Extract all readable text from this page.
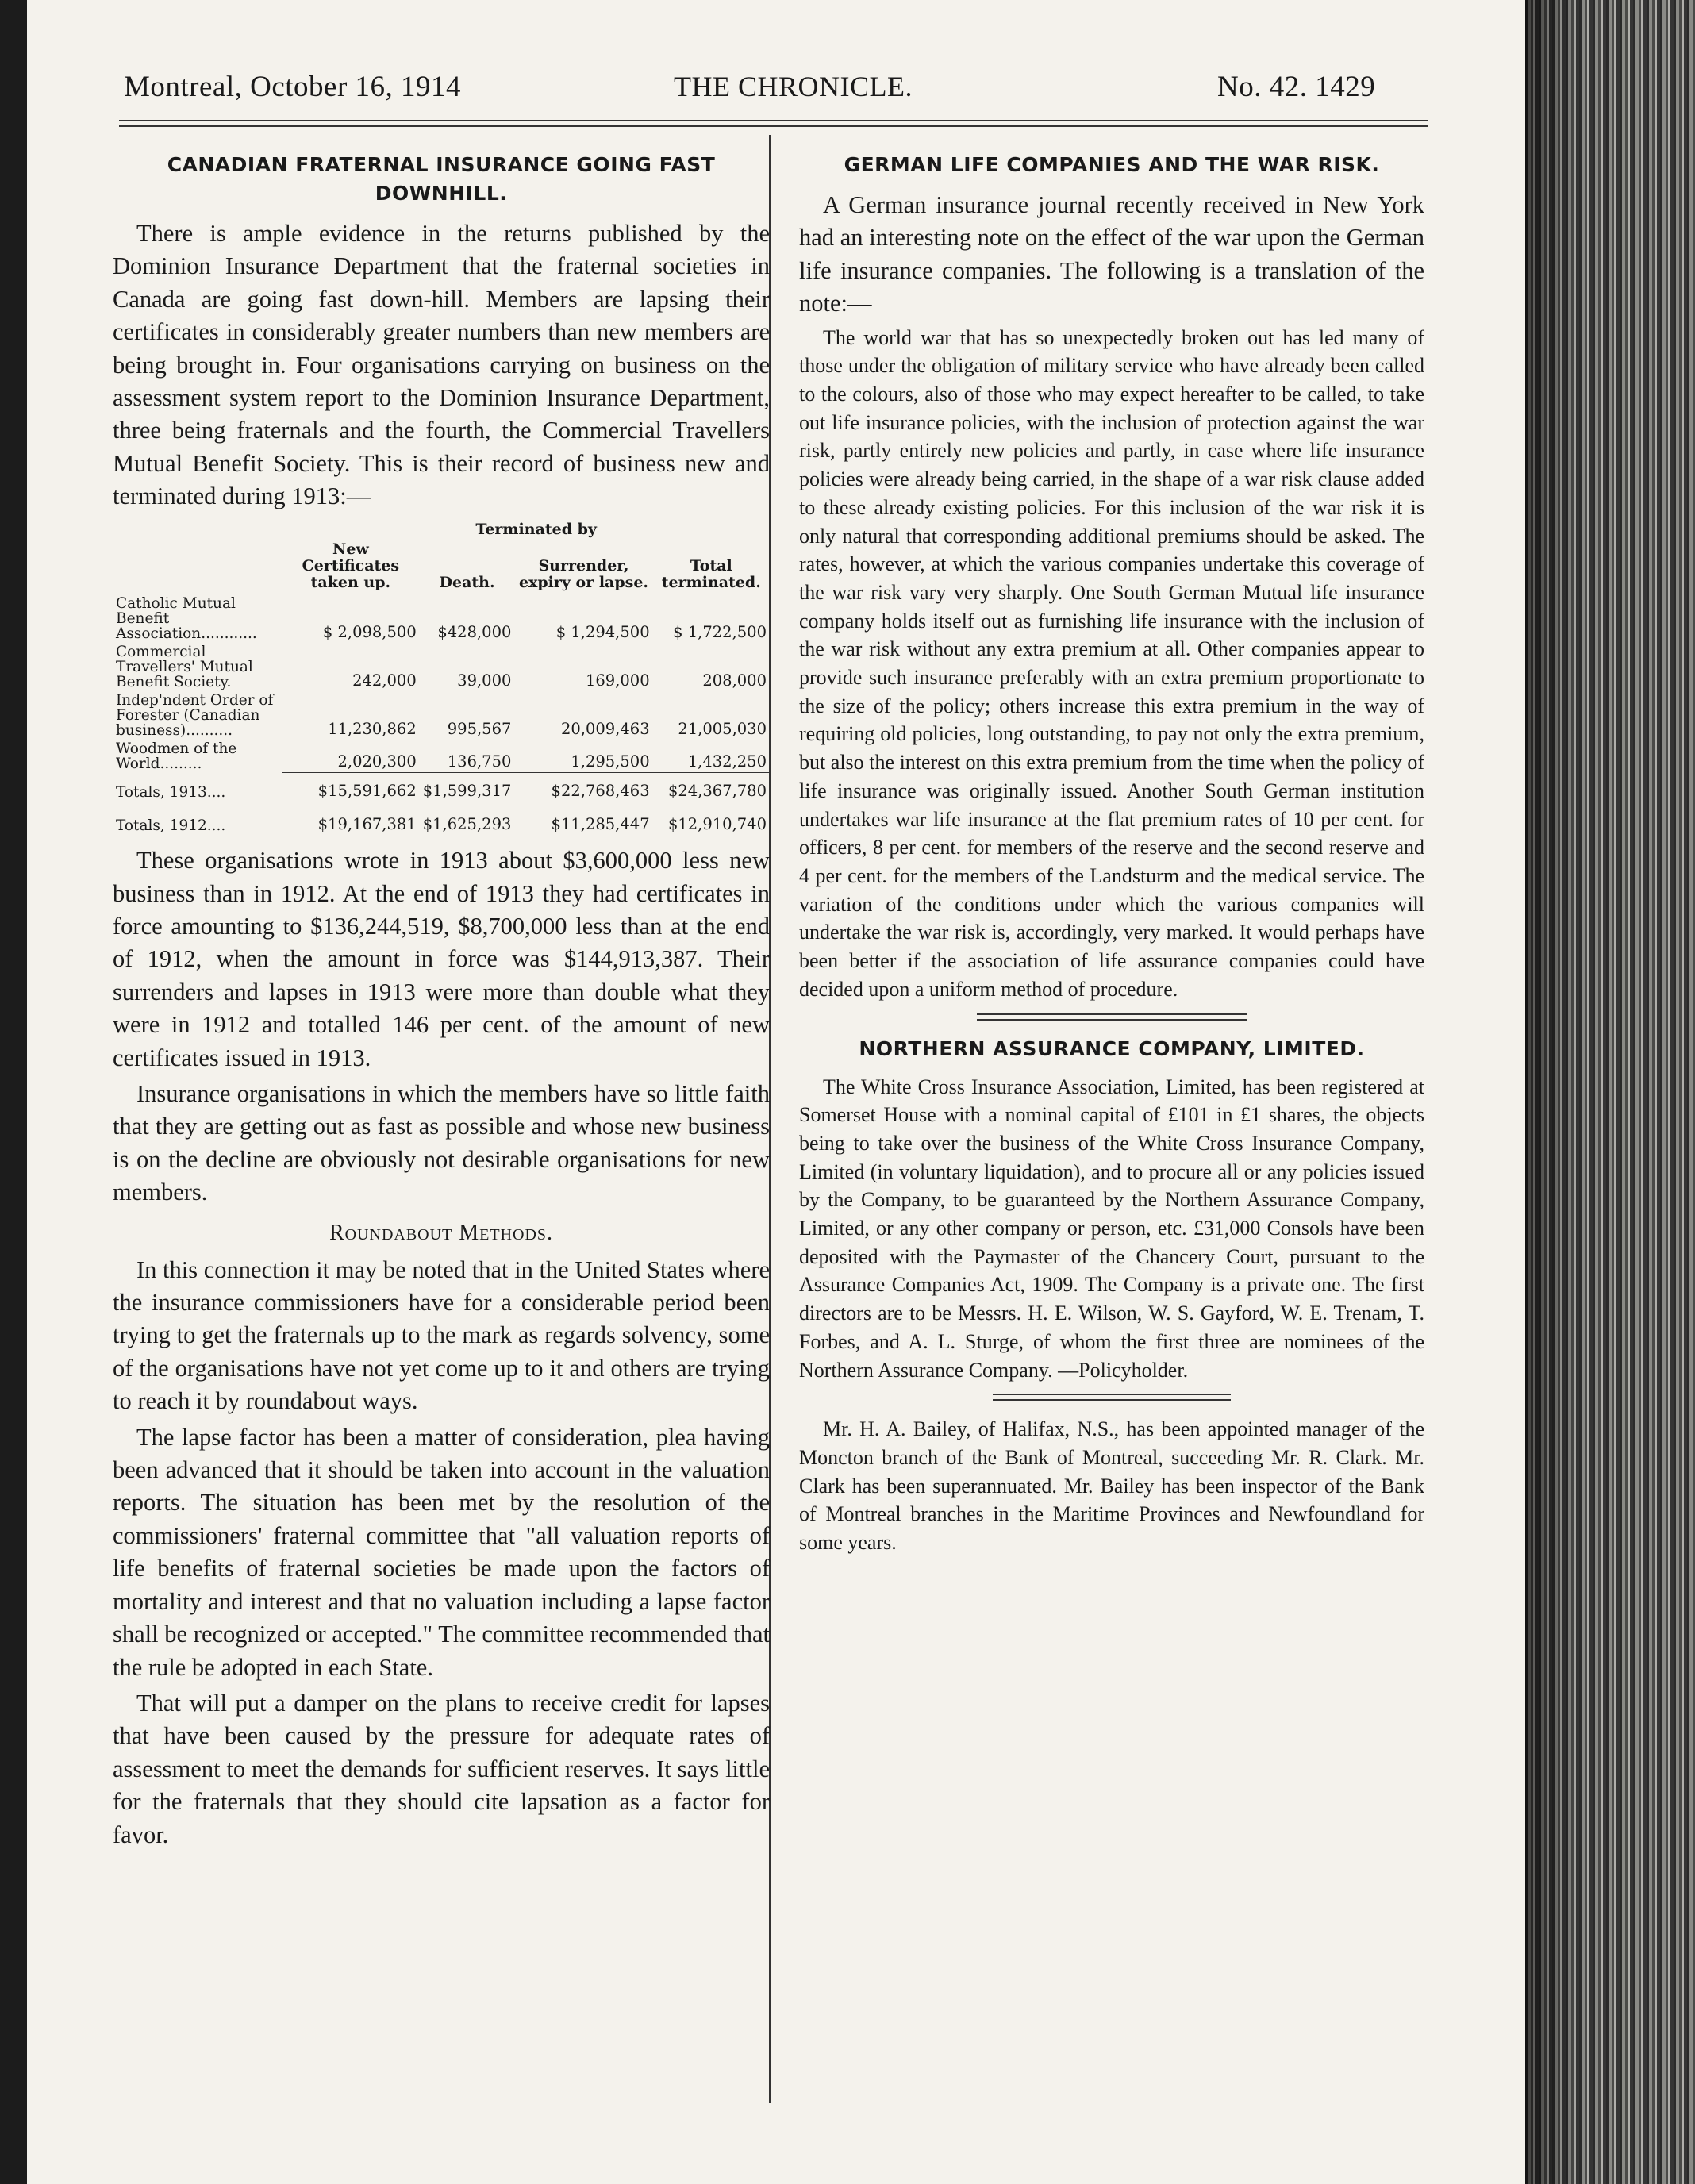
Montreal, October 16, 1914	THE CHRONICLE.	No. 42. 1429
CANADIAN FRATERNAL INSURANCE GOING FAST DOWNHILL.

There is ample evidence in the returns published by the Dominion Insurance Department that the fraternal societies in Canada are going fast down-hill. Members are lapsing their certificates in considerably greater numbers than new members are being brought in. Four organisations carrying on business on the assessment system report to the Dominion Insurance Department, three being fraternals and the fourth, the Commercial Travellers Mutual Benefit Society. This is their record of business new and terminated during 1913:—

		Terminated by		
	New Certificates taken up.	Death.	Surrender, expiry or lapse.	Total terminated.
Catholic Mutual Benefit Association............	$ 2,098,500	$428,000	$ 1,294,500	$ 1,722,500
Commercial Travellers' Mutual Benefit Society.	242,000	39,000	169,000	208,000
Indep'ndent Order of Forester (Canadian business)..........	11,230,862	995,567	20,009,463	21,005,030
Woodmen of the World.........	2,020,300	136,750	1,295,500	1,432,250
Totals, 1913....	$15,591,662	$1,599,317	$22,768,463	$24,367,780
Totals, 1912....	$19,167,381	$1,625,293	$11,285,447	$12,910,740

These organisations wrote in 1913 about $3,600,000 less new business than in 1912. At the end of 1913 they had certificates in force amounting to $136,244,519, $8,700,000 less than at the end of 1912, when the amount in force was $144,913,387. Their surrenders and lapses in 1913 were more than double what they were in 1912 and totalled 146 per cent. of the amount of new certificates issued in 1913.

Insurance organisations in which the members have so little faith that they are getting out as fast as possible and whose new business is on the decline are obviously not desirable organisations for new members.

Roundabout Methods.

In this connection it may be noted that in the United States where the insurance commissioners have for a considerable period been trying to get the fraternals up to the mark as regards solvency, some of the organisations have not yet come up to it and others are trying to reach it by roundabout ways.

The lapse factor has been a matter of consideration, plea having been advanced that it should be taken into account in the valuation reports. The situation has been met by the resolution of the commissioners' fraternal committee that "all valuation reports of life benefits of fraternal societies be made upon the factors of mortality and interest and that no valuation including a lapse factor shall be recognized or accepted." The committee recommended that the rule be adopted in each State.

That will put a damper on the plans to receive credit for lapses that have been caused by the pressure for adequate rates of assessment to meet the demands for sufficient reserves. It says little for the fraternals that they should cite lapsation as a factor for favor.

GERMAN LIFE COMPANIES AND THE WAR RISK.

A German insurance journal recently received in New York had an interesting note on the effect of the war upon the German life insurance companies. The following is a translation of the note:—

The world war that has so unexpectedly broken out has led many of those under the obligation of military service who have already been called to the colours, also of those who may expect hereafter to be called, to take out life insurance policies, with the inclusion of protection against the war risk, partly entirely new policies and partly, in case where life insurance policies were already being carried, in the shape of a war risk clause added to these already existing policies. For this inclusion of the war risk it is only natural that corresponding additional premiums should be asked. The rates, however, at which the various companies undertake this coverage of the war risk vary very sharply. One South German Mutual life insurance company holds itself out as furnishing life insurance with the inclusion of the war risk without any extra premium at all. Other companies appear to provide such insurance preferably with an extra premium proportionate to the size of the policy; others increase this extra premium in the way of requiring old policies, long outstanding, to pay not only the extra premium, but also the interest on this extra premium from the time when the policy of life insurance was originally issued. Another South German institution undertakes war life insurance at the flat premium rates of 10 per cent. for officers, 8 per cent. for members of the reserve and the second reserve and 4 per cent. for the members of the Landsturm and the medical service. The variation of the conditions under which the various companies will undertake the war risk is, accordingly, very marked. It would perhaps have been better if the association of life assurance companies could have decided upon a uniform method of procedure.

NORTHERN ASSURANCE COMPANY, LIMITED.

The White Cross Insurance Association, Limited, has been registered at Somerset House with a nominal capital of £101 in £1 shares, the objects being to take over the business of the White Cross Insurance Company, Limited (in voluntary liquidation), and to procure all or any policies issued by the Company, to be guaranteed by the Northern Assurance Company, Limited, or any other company or person, etc. £31,000 Consols have been deposited with the Paymaster of the Chancery Court, pursuant to the Assurance Companies Act, 1909. The Company is a private one. The first directors are to be Messrs. H. E. Wilson, W. S. Gayford, W. E. Trenam, T. Forbes, and A. L. Sturge, of whom the first three are nominees of the Northern Assurance Company. —Policyholder.

Mr. H. A. Bailey, of Halifax, N.S., has been appointed manager of the Moncton branch of the Bank of Montreal, succeeding Mr. R. Clark. Mr. Clark has been superannuated. Mr. Bailey has been inspector of the Bank of Montreal branches in the Maritime Provinces and Newfoundland for some years.
